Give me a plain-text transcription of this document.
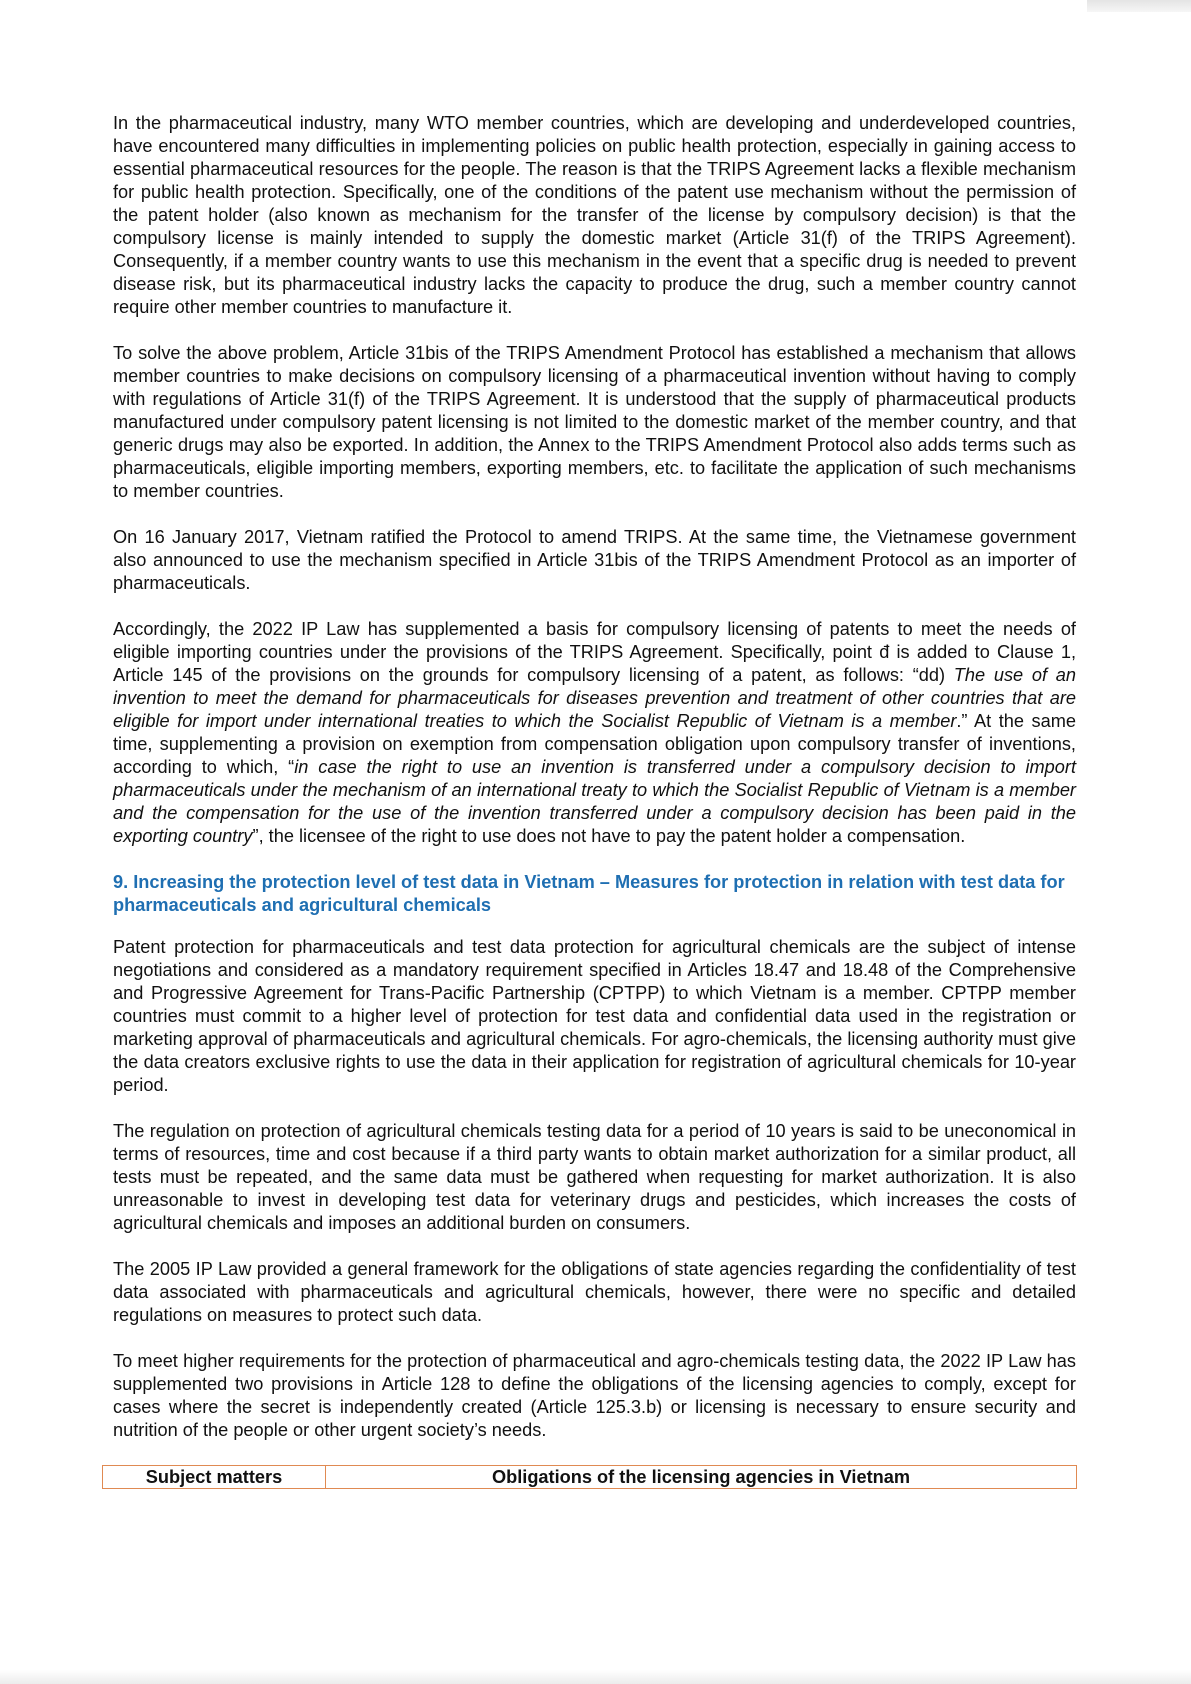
In the pharmaceutical industry, many WTO member countries, which are developing and underdeveloped countries, have encountered many difficulties in implementing policies on public health protection, especially in gaining access to essential pharmaceutical resources for the people. The reason is that the TRIPS Agreement lacks a flexible mechanism for public health protection. Specifically, one of the conditions of the patent use mechanism without the permission of the patent holder (also known as mechanism for the transfer of the license by compulsory decision) is that the compulsory license is mainly intended to supply the domestic market (Article 31(f) of the TRIPS Agreement). Consequently, if a member country wants to use this mechanism in the event that a specific drug is needed to prevent disease risk, but its pharmaceutical industry lacks the capacity to produce the drug, such a member country cannot require other member countries to manufacture it.

To solve the above problem, Article 31bis of the TRIPS Amendment Protocol has established a mechanism that allows member countries to make decisions on compulsory licensing of a pharmaceutical invention without having to comply with regulations of Article 31(f) of the TRIPS Agreement. It is understood that the supply of pharmaceutical products manufactured under compulsory patent licensing is not limited to the domestic market of the member country, and that generic drugs may also be exported. In addition, the Annex to the TRIPS Amendment Protocol also adds terms such as pharmaceuticals, eligible importing members, exporting members, etc. to facilitate the application of such mechanisms to member countries.

On 16 January 2017, Vietnam ratified the Protocol to amend TRIPS. At the same time, the Vietnamese government also announced to use the mechanism specified in Article 31bis of the TRIPS Amendment Protocol as an importer of pharmaceuticals.

Accordingly, the 2022 IP Law has supplemented a basis for compulsory licensing of patents to meet the needs of eligible importing countries under the provisions of the TRIPS Agreement. Specifically, point đ is added to Clause 1, Article 145 of the provisions on the grounds for compulsory licensing of a patent, as follows: “dd) The use of an invention to meet the demand for pharmaceuticals for diseases prevention and treatment of other countries that are eligible for import under international treaties to which the Socialist Republic of Vietnam is a member.” At the same time, supplementing a provision on exemption from compensation obligation upon compulsory transfer of inventions, according to which, “in case the right to use an invention is transferred under a compulsory decision to import pharmaceuticals under the mechanism of an international treaty to which the Socialist Republic of Vietnam is a member and the compensation for the use of the invention transferred under a compulsory decision has been paid in the exporting country”, the licensee of the right to use does not have to pay the patent holder a compensation.

9. Increasing the protection level of test data in Vietnam – Measures for protection in relation with test data for pharmaceuticals and agricultural chemicals

Patent protection for pharmaceuticals and test data protection for agricultural chemicals are the subject of intense negotiations and considered as a mandatory requirement specified in Articles 18.47 and 18.48 of the Comprehensive and Progressive Agreement for Trans-Pacific Partnership (CPTPP) to which Vietnam is a member. CPTPP member countries must commit to a higher level of protection for test data and confidential data used in the registration or marketing approval of pharmaceuticals and agricultural chemicals. For agro-chemicals, the licensing authority must give the data creators exclusive rights to use the data in their application for registration of agricultural chemicals for 10-year period.

The regulation on protection of agricultural chemicals testing data for a period of 10 years is said to be uneconomical in terms of resources, time and cost because if a third party wants to obtain market authorization for a similar product, all tests must be repeated, and the same data must be gathered when requesting for market authorization. It is also unreasonable to invest in developing test data for veterinary drugs and pesticides, which increases the costs of agricultural chemicals and imposes an additional burden on consumers.

The 2005 IP Law provided a general framework for the obligations of state agencies regarding the confidentiality of test data associated with pharmaceuticals and agricultural chemicals, however, there were no specific and detailed regulations on measures to protect such data.

To meet higher requirements for the protection of pharmaceutical and agro-chemicals testing data, the 2022 IP Law has supplemented two provisions in Article 128 to define the obligations of the licensing agencies to comply, except for cases where the secret is independently created (Article 125.3.b) or licensing is necessary to ensure security and nutrition of the people or other urgent society’s needs.

Subject matters	Obligations of the licensing agencies in Vietnam
